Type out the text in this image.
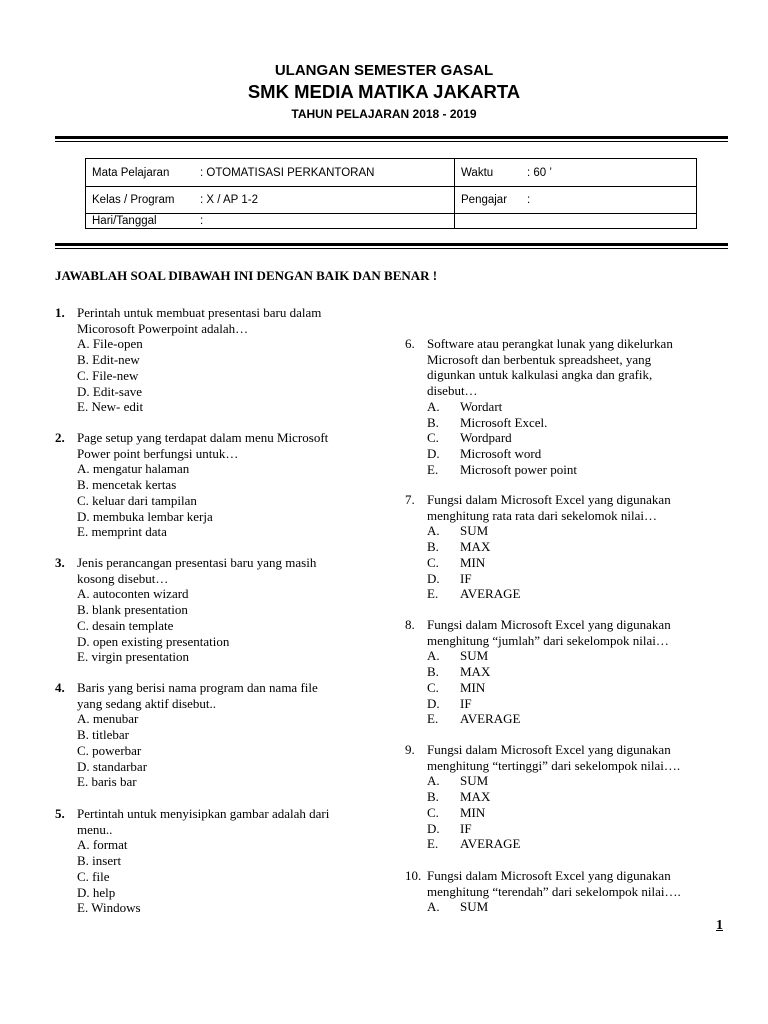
ULANGAN SEMESTER GASAL
SMK MEDIA MATIKA JAKARTA
TAHUN PELAJARAN 2018 - 2019
Mata Pelajaran : OTOMATISASI PERKANTORAN	Waktu : 60 ’
Kelas / Program : X / AP 1-2	Pengajar :
Hari/Tanggal :	
JAWABLAH SOAL DIBAWAH INI DENGAN BAIK DAN BENAR !
1. Perintah untuk membuat presentasi baru dalam
Micorosoft Powerpoint adalah…
A. File-open
B. Edit-new
C. File-new
D. Edit-save
E. New- edit
2. Page setup yang terdapat dalam menu Microsoft
Power point berfungsi untuk…
A. mengatur halaman
B. mencetak kertas
C. keluar dari tampilan
D. membuka lembar kerja
E. memprint data
3. Jenis perancangan presentasi baru yang masih
kosong disebut…
A. autoconten wizard
B. blank presentation
C. desain template
D. open existing presentation
E. virgin presentation
4. Baris yang berisi nama program dan nama file
yang sedang aktif disebut..
A. menubar
B. titlebar
C. powerbar
D. standarbar
E. baris bar
5. Pertintah untuk menyisipkan gambar adalah dari
menu..
A. format
B. insert
C. file
D. help
E. Windows
6. Software atau perangkat lunak yang dikelurkan
Microsoft dan berbentuk spreadsheet, yang
digunkan untuk kalkulasi angka dan grafik,
disebut…
A.	Wordart
B.	Microsoft Excel.
C.	Wordpard
D.	Microsoft word
E.	Microsoft power point
7. Fungsi dalam Microsoft Excel yang digunakan
menghitung rata rata dari sekelomok nilai…
A.	SUM
B.	MAX
C.	MIN
D.	IF
E.	AVERAGE
8. Fungsi dalam Microsoft Excel yang digunakan
menghitung “jumlah” dari sekelompok nilai…
A.	SUM
B.	MAX
C.	MIN
D.	IF
E.	AVERAGE
9. Fungsi dalam Microsoft Excel yang digunakan
menghitung “tertinggi” dari sekelompok nilai….
A.	SUM
B.	MAX
C.	MIN
D.	IF
E.	AVERAGE
10. Fungsi dalam Microsoft Excel yang digunakan
menghitung “terendah” dari sekelompok nilai….
A.	SUM
1
